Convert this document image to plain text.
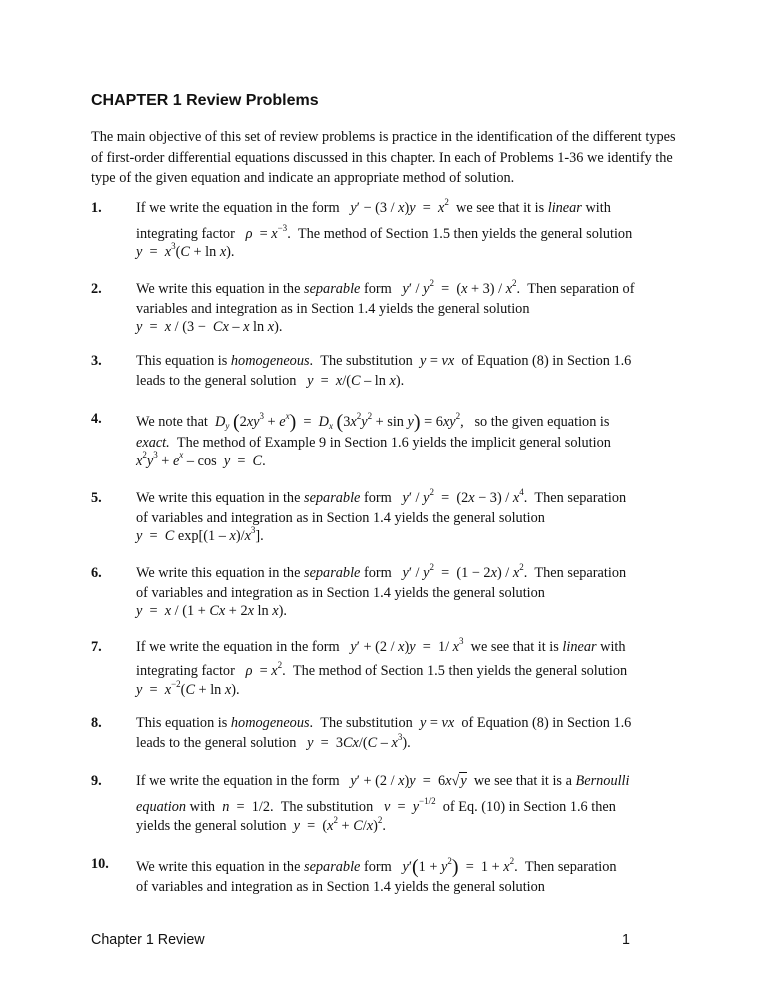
CHAPTER 1 Review Problems

The main objective of this set of review problems is practice in the identification of the different types of first-order differential equations discussed in this chapter. In each of Problems 1-36 we identify the type of the given equation and indicate an appropriate method of solution.

1. If we write the equation in the form   $y' - (3 / x)y = x^2$  we see that it is linear with
integrating factor   $\rho = x^{-3}$.  The method of Section 1.5 then yields the general solution
$y = x^3(C + \ln x)$.
2. We write this equation in the separable form   $y' / y^2 = (x + 3) / x^2$.  Then separation of
variables and integration as in Section 1.4 yields the general solution
y  =  x / (3 −  Cx – x ln x).
3. This equation is homogeneous.  The substitution  y = vx  of Equation (8) in Section 1.6
leads to the general solution   y  =  x/(C – ln x).
4. We note that  $D_y$ $(2xy^3 + e^x) = D_x$ $(3x^2y^2 + \sin y) = 6xy^2$,   so the given equation is
exact.  The method of Example 9 in Section 1.6 yields the implicit general solution
$x^2y^3 + e^x - \cos y = C$.
5. We write this equation in the separable form   $y' / y^2 = (2x - 3) / x^4$.  Then separation
of variables and integration as in Section 1.4 yields the general solution
y  =  C $\exp[(1 - x)/x^3]$.
6. We write this equation in the separable form   $y' / y^2 = (1 - 2x) / x^2$.  Then separation
of variables and integration as in Section 1.4 yields the general solution
y  =  x / (1 + Cx + 2x ln x).
7. If we write the equation in the form   y′ + (2 / x)y  =  1/ $x^3$  we see that it is linear with
integrating factor   $\rho = x^2$.  The method of Section 1.5 then yields the general solution
$y = x^{-2}(C + \ln x)$.
8. This equation is homogeneous.  The substitution  y = vx  of Equation (8) in Section 1.6
leads to the general solution   $y = 3Cx/(C - x^3)$.
9. If we write the equation in the form   y′ + (2 / x)y  =  6x√y  we see that it is a Bernoulli
equation with  n  =  1/2.  The substitution   $v = y^{-1/2}$  of Eq. (10) in Section 1.6 then
yields the general solution  $y = (x^2 + C/x)^2$.
10. We write this equation in the separable form   $y'(1 + y^2) = 1 + x^2$.  Then separation
of variables and integration as in Section 1.4 yields the general solution
Chapter 1 Review	1
